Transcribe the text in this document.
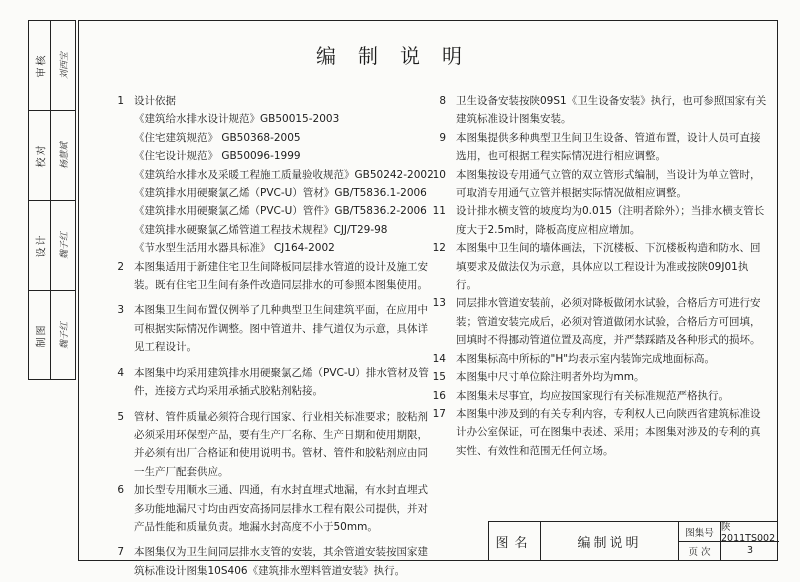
审核	刘西宝
校对	杨慧斌
设计	魏子红
制图	魏子红
编制说明
1 设计依据
《建筑给水排水设计规范》GB50015-2003
《住宅建筑规范》 GB50368-2005
《住宅设计规范》 GB50096-1999
《建筑给水排水及采暖工程施工质量验收规范》GB50242-2002
《建筑排水用硬聚氯乙烯（PVC-U）管材》GB/T5836.1-2006
《建筑排水用硬聚氯乙烯（PVC-U）管件》GB/T5836.2-2006
《建筑排水硬聚氯乙烯管道工程技术规程》CJJ/T29-98
《节水型生活用水器具标准》 CJ164-2002
2 本图集适用于新建住宅卫生间降板同层排水管道的设计及施工安装。既有住宅卫生间有条件改造同层排水的可参照本图集使用。
3 本图集卫生间布置仅例举了几种典型卫生间建筑平面，在应用中可根据实际情况作调整。图中管道井、排气道仅为示意，具体详见工程设计。
4 本图集中均采用建筑排水用硬聚氯乙烯（PVC-U）排水管材及管件，连接方式均采用承插式胶粘剂粘接。
5 管材、管件质量必须符合现行国家、行业相关标准要求；胶粘剂必须采用环保型产品，要有生产厂名称、生产日期和使用期限，并必须有出厂合格证和使用说明书。管材、管件和胶粘剂应由同一生产厂配套供应。
6 加长型专用顺水三通、四通，有水封直埋式地漏，有水封直埋式多功能地漏尺寸均由西安高扬同层排水工程有限公司提供，并对产品性能和质量负责。地漏水封高度不小于50mm。
7 本图集仅为卫生间同层排水支管的安装，其余管道安装按国家建筑标准设计图集10S406《建筑排水塑料管道安装》执行。
8 卫生设备安装按陕09S1《卫生设备安装》执行，也可参照国家有关建筑标准设计图集安装。
9 本图集提供多种典型卫生间卫生设备、管道布置，设计人员可直接选用，也可根据工程实际情况进行相应调整。
10 本图集按设专用通气立管的双立管形式编制，当设计为单立管时，可取消专用通气立管并根据实际情况做相应调整。
11 设计排水横支管的坡度均为0.015（注明者除外）；当排水横支管长度大于2.5m时，降板高度应相应增加。
12 本图集中卫生间的墙体画法，下沉楼板、下沉楼板构造和防水、回填要求及做法仅为示意，具体应以工程设计为准或按陕09J01执行。
13 同层排水管道安装前，必须对降板做闭水试验，合格后方可进行安装；管道安装完成后，必须对管道做闭水试验，合格后方可回填，回填时不得挪动管道位置及高度，并严禁踩踏及各种形式的损坏。
14 本图集标高中所标的"H"均表示室内装饰完成地面标高。
15 本图集中尺寸单位除注明者外均为mm。
16 本图集未尽事宜，均应按国家现行有关标准规范严格执行。
17 本图集中涉及到的有关专利内容，专利权人已向陕西省建筑标准设计办公室保证，可在图集中表述、采用；本图集对涉及的专利的真实性、有效性和范围无任何立场。
图名	编制说明
图集号 陕2011TS002
页 次	3
